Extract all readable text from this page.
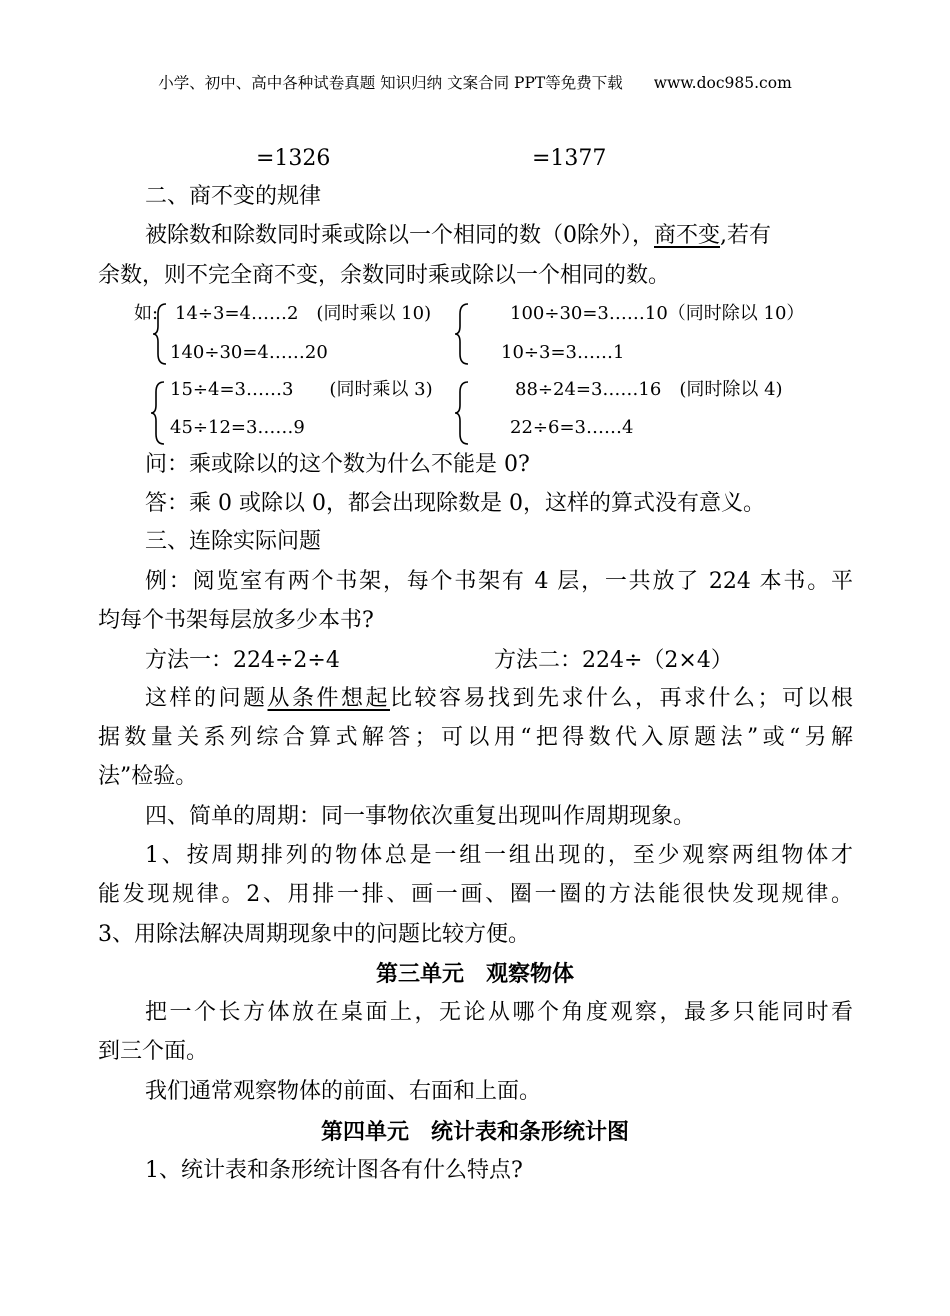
小学、初中、高中各种试卷真题 知识归纳 文案合同 PPT等免费下载　　www.doc985.com
=1326	=1377
二、商不变的规律
被除数和除数同时乘或除以一个相同的数（0除外），商不变,若有
余数，则不完全商不变，余数同时乘或除以一个相同的数。
如: 14÷3=4……2　(同时乘以 10)
140÷30=4……20
100÷30=3……10（同时除以 10）
10÷3=3……1
15÷4=3……3　　(同时乘以 3)
45÷12=3……9
88÷24=3……16　(同时除以 4)
22÷6=3……4
问：乘或除以的这个数为什么不能是 0?
答：乘 0 或除以 0，都会出现除数是 0，这样的算式没有意义。
三、连除实际问题
例：阅览室有两个书架，每个书架有 4 层，一共放了 224 本书。平
均每个书架每层放多少本书?
方法一：224÷2÷4	方法二：224÷（2×4）
这样的问题从条件想起比较容易找到先求什么，再求什么；可以根
据数量关系列综合算式解答；可以用“把得数代入原题法”或“另解
法”检验。
四、简单的周期：同一事物依次重复出现叫作周期现象。
1、按周期排列的物体总是一组一组出现的，至少观察两组物体才
能发现规律。2、用排一排、画一画、圈一圈的方法能很快发现规律。
3、用除法解决周期现象中的问题比较方便。
第三单元　观察物体
把一个长方体放在桌面上，无论从哪个角度观察，最多只能同时看
到三个面。
我们通常观察物体的前面、右面和上面。
第四单元　统计表和条形统计图
1、统计表和条形统计图各有什么特点?
